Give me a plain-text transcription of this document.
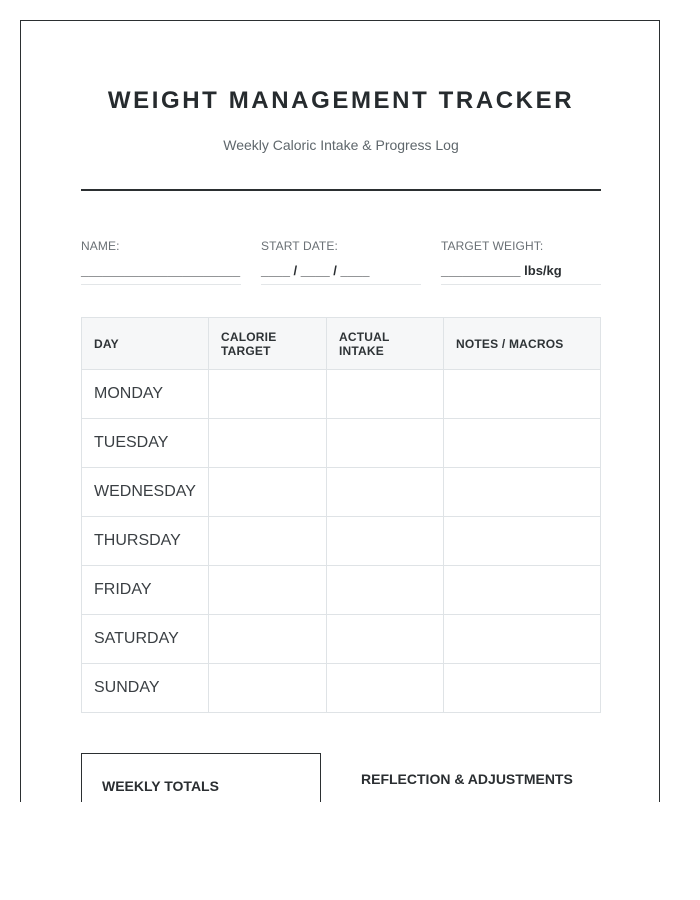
WEIGHT MANAGEMENT TRACKER
Weekly Caloric Intake & Progress Log
NAME:
______________________
START DATE:
____ / ____ / ____
TARGET WEIGHT:
___________ lbs/kg
DAY	CALORIE TARGET	ACTUAL INTAKE	NOTES / MACROS
MONDAY			
TUESDAY			
WEDNESDAY			
THURSDAY			
FRIDAY			
SATURDAY			
SUNDAY			
WEEKLY TOTALS	REFLECTION & ADJUSTMENTS
